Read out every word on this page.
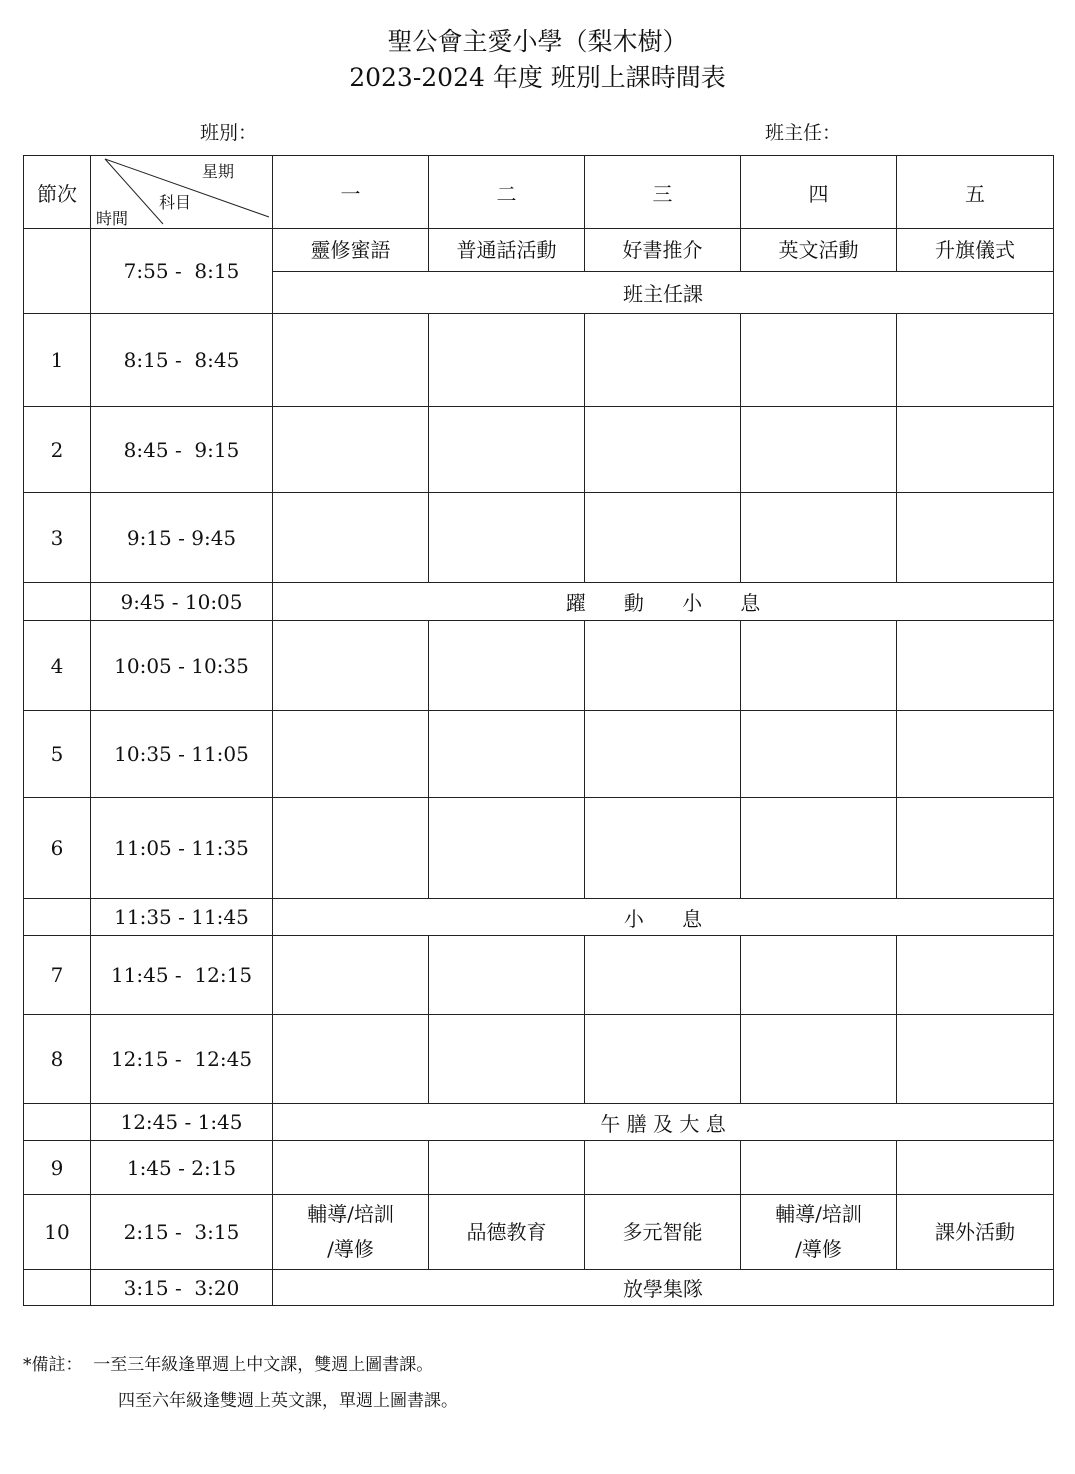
聖公會主愛小學（梨木樹）
2023-2024 年度 班別上課時間表
班別：	班主任：
節次	星期
科目
時間	一	二	三	四	五
	7:55 -  8:15	靈修蜜語	普通話活動	好書推介	英文活動	升旗儀式
		班主任課				
1	8:15 -  8:45					
2	8:45 -  9:15					
3	9:15 - 9:45					
	9:45 - 10:05	躍      動      小      息				
4	10:05 - 10:35					
5	10:35 - 11:05					
6	11:05 - 11:35					
	11:35 - 11:45	小      息				
7	11:45 -  12:15					
8	12:15 -  12:45					
	12:45 - 1:45	午 膳 及 大 息				
9	1:45 - 2:15					
10	2:15 -  3:15	輔導/培訓
/導修	品德教育	多元智能	輔導/培訓
/導修	課外活動
	3:15 -  3:20	放學集隊				
*備註：  一至三年級逢單週上中文課，雙週上圖書課。
四至六年級逢雙週上英文課，單週上圖書課。
